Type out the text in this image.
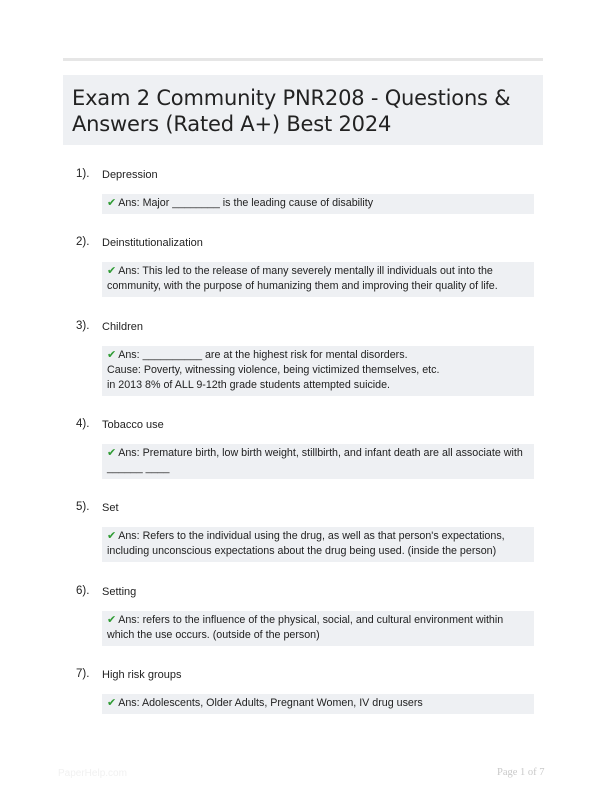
Exam 2 Community PNR208 - Questions & Answers (Rated A+) Best 2024
1). Depression
✔ Ans: Major ________ is the leading cause of disability
2). Deinstitutionalization
✔ Ans: This led to the release of many severely mentally ill individuals out into the
community, with the purpose of humanizing them and improving their quality of life.
3). Children
✔ Ans: __________ are at the highest risk for mental disorders.
Cause: Poverty, witnessing violence, being victimized themselves, etc.
in 2013 8% of ALL 9-12th grade students attempted suicide.
4). Tobacco use
✔ Ans: Premature birth, low birth weight, stillbirth, and infant death are all associate with
______ ____
5). Set
✔ Ans: Refers to the individual using the drug, as well as that person's expectations,
including unconscious expectations about the drug being used. (inside the person)
6). Setting
✔ Ans: refers to the influence of the physical, social, and cultural environment within
which the use occurs. (outside of the person)
7). High risk groups
✔ Ans: Adolescents, Older Adults, Pregnant Women, IV drug users
PaperHelp.com	Page 1 of 7
